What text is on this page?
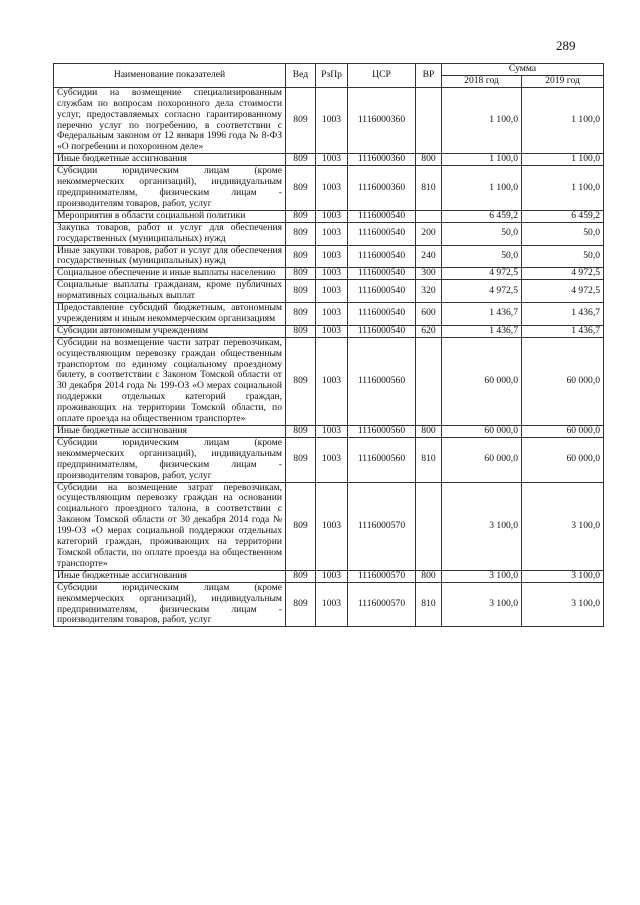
289
Наименование показателей	Вед	РзПр	ЦСР	ВР	Сумма	
					2018 год	2019 год
Субсидии на возмещение специализированным службам по вопросам похоронного дела стоимости услуг, предоставляемых согласно гарантированному перечню услуг по погребению, в соответствии с Федеральным законом от 12 января 1996 года № 8-ФЗ «О погребении и похоронном деле»	809	1003	1116000360		1 100,0	1 100,0
Иные бюджетные ассигнования	809	1003	1116000360	800	1 100,0	1 100,0
Субсидии юридическим лицам (кроме некоммерческих организаций), индивидуальным предпринимателям, физическим лицам - производителям товаров, работ, услуг	809	1003	1116000360	810	1 100,0	1 100,0
Мероприятия в области социальной политики	809	1003	1116000540		6 459,2	6 459,2
Закупка товаров, работ и услуг для обеспечения государственных (муниципальных) нужд	809	1003	1116000540	200	50,0	50,0
Иные закупки товаров, работ и услуг для обеспечения государственных (муниципальных) нужд	809	1003	1116000540	240	50,0	50,0
Социальное обеспечение и иные выплаты населению	809	1003	1116000540	300	4 972,5	4 972,5
Социальные выплаты гражданам, кроме публичных нормативных социальных выплат	809	1003	1116000540	320	4 972,5	4 972,5
Предоставление субсидий бюджетным, автономным учреждениям и иным некоммерческим организациям	809	1003	1116000540	600	1 436,7	1 436,7
Субсидии автономным учреждениям	809	1003	1116000540	620	1 436,7	1 436,7
Субсидии на возмещение части затрат перевозчикам, осуществляющим перевозку граждан общественным транспортом по единому социальному проездному билету, в соответствии с Законом Томской области от 30 декабря 2014 года № 199-ОЗ «О мерах социальной поддержки отдельных категорий граждан, проживающих на территории Томской области, по оплате проезда на общественном транспорте»	809	1003	1116000560		60 000,0	60 000,0
Иные бюджетные ассигнования	809	1003	1116000560	800	60 000,0	60 000,0
Субсидии юридическим лицам (кроме некоммерческих организаций), индивидуальным предпринимателям, физическим лицам - производителям товаров, работ, услуг	809	1003	1116000560	810	60 000,0	60 000,0
Субсидии на возмещение затрат перевозчикам, осуществляющим перевозку граждан на основании социального проездного талона, в соответствии с Законом Томской области от 30 декабря 2014 года № 199-ОЗ «О мерах социальной поддержки отдельных категорий граждан, проживающих на территории Томской области, по оплате проезда на общественном транспорте»	809	1003	1116000570		3 100,0	3 100,0
Иные бюджетные ассигнования	809	1003	1116000570	800	3 100,0	3 100,0
Субсидии юридическим лицам (кроме некоммерческих организаций), индивидуальным предпринимателям, физическим лицам - производителям товаров, работ, услуг	809	1003	1116000570	810	3 100,0	3 100,0
